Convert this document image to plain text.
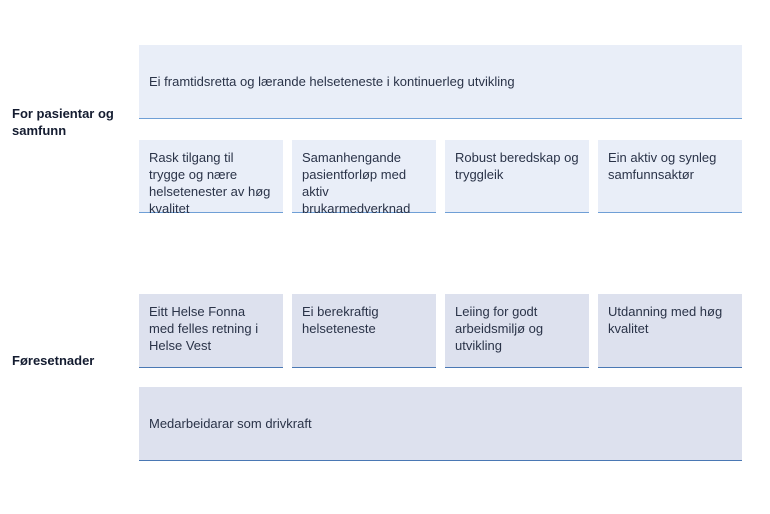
For pasientar og samfunn
Ei framtidsretta og lærande helseteneste i kontinuerleg utvikling
Rask tilgang til trygge og nære helsetenester av høg kvalitet
Samanhengande pasientforløp med aktiv brukarmedverknad
Robust beredskap og tryggleik
Ein aktiv og synleg samfunnsaktør
Føresetnader
Eitt Helse Fonna med felles retning i Helse Vest
Ei berekraftig helseteneste
Leiing for godt arbeidsmiljø og utvikling
Utdanning med høg kvalitet
Medarbeidarar som drivkraft
